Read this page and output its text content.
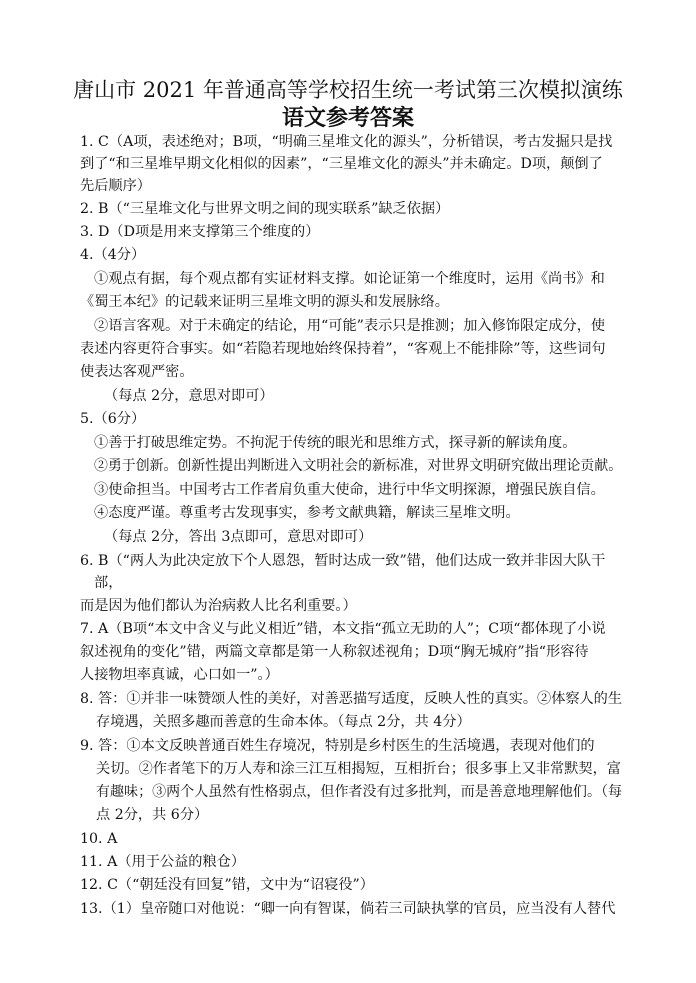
唐山市 2021 年普通高等学校招生统一考试第三次模拟演练
语文参考答案
1. C（A项，表述绝对；B项，“明确三星堆文化的源头”，分析错误，考古发掘只是找
到了“和三星堆早期文化相似的因素”，“三星堆文化的源头”并未确定。D项，颠倒了
先后顺序）
2. B（“三星堆文化与世界文明之间的现实联系”缺乏依据）
3. D（D项是用来支撑第三个维度的）
4.（4分）
①观点有据，每个观点都有实证材料支撑。如论证第一个维度时，运用《尚书》和
《蜀王本纪》的记载来证明三星堆文明的源头和发展脉络。
②语言客观。对于未确定的结论，用“可能”表示只是推测；加入修饰限定成分，使
表述内容更符合事实。如“若隐若现地始终保持着”，“客观上不能排除”等，这些词句
使表达客观严密。
（每点 2分，意思对即可）
5.（6分）
①善于打破思维定势。不拘泥于传统的眼光和思维方式，探寻新的解读角度。
②勇于创新。创新性提出判断进入文明社会的新标准，对世界文明研究做出理论贡献。
③使命担当。中国考古工作者肩负重大使命，进行中华文明探源，增强民族自信。
④态度严谨。尊重考古发现事实，参考文献典籍，解读三星堆文明。
（每点 2分，答出 3点即可，意思对即可）
6. B（“两人为此决定放下个人恩怨，暂时达成一致”错，他们达成一致并非因大队干
部，
而是因为他们都认为治病救人比名利重要。）
7. A（B项“本文中含义与此义相近”错，本文指“孤立无助的人”；C项“都体现了小说
叙述视角的变化”错，两篇文章都是第一人称叙述视角；D项“胸无城府”指“形容待
人接物坦率真诚，心口如一”。）
8. 答：①并非一味赞颂人性的美好，对善恶描写适度，反映人性的真实。②体察人的生
存境遇，关照多趣而善意的生命本体。（每点 2分，共 4分）
9. 答：①本文反映普通百姓生存境况，特别是乡村医生的生活境遇，表现对他们的
关切。②作者笔下的万人寿和涂三江互相揭短，互相折台；很多事上又非常默契，富
有趣味；③两个人虽然有性格弱点，但作者没有过多批判，而是善意地理解他们。（每
点 2分，共 6分）
10. A
11. A（用于公益的粮仓）
12. C（“朝廷没有回复”错，文中为“诏寝役”）
13.（1）皇帝随口对他说：“卿一向有智谋，倘若三司缺执掌的官员，应当没有人替代
